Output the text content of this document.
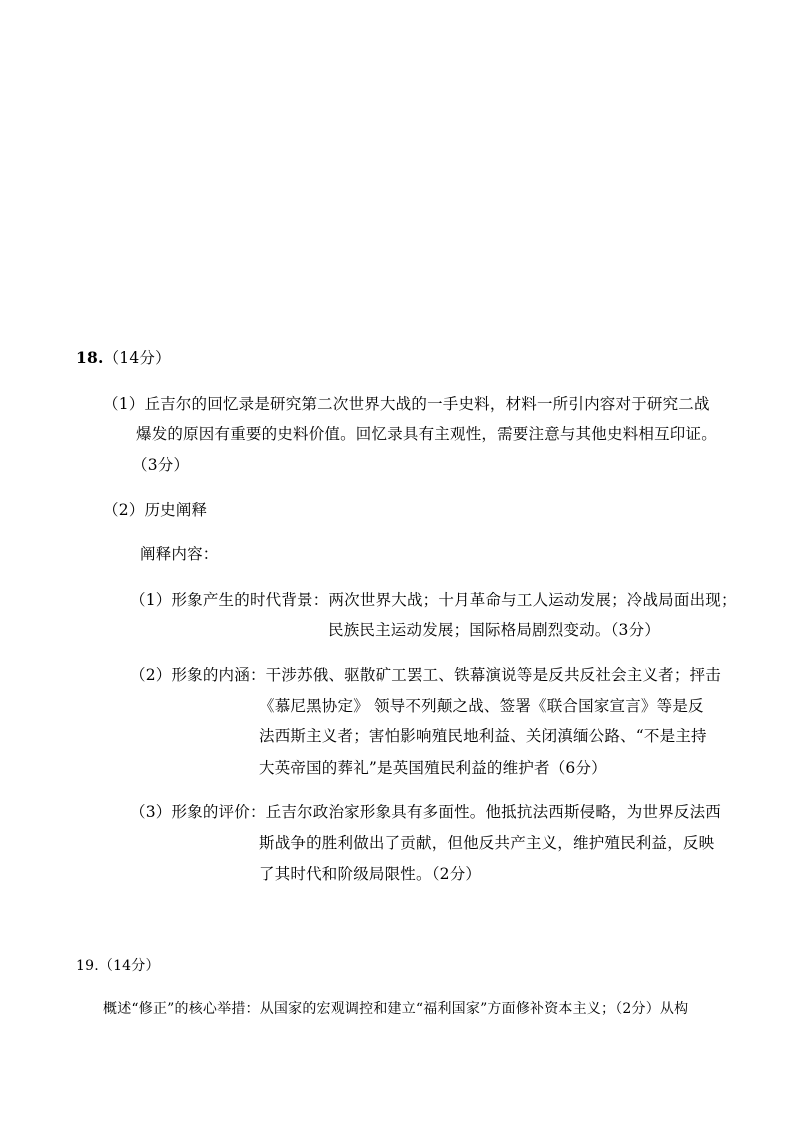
18.（14分）
（1）丘吉尔的回忆录是研究第二次世界大战的一手史料，材料一所引内容对于研究二战
爆发的原因有重要的史料价值。回忆录具有主观性，需要注意与其他史料相互印证。
（3分）
（2）历史阐释
阐释内容：
（1）形象产生的时代背景：两次世界大战；十月革命与工人运动发展；冷战局面出现；
民族民主运动发展；国际格局剧烈变动。（3分）
（2）形象的内涵：干涉苏俄、驱散矿工罢工、铁幕演说等是反共反社会主义者；抨击
《慕尼黑协定》 领导不列颠之战、签署《联合国家宣言》等是反
法西斯主义者；害怕影响殖民地利益、关闭滇缅公路、“不是主持
大英帝国的葬礼”是英国殖民利益的维护者（6分）
（3）形象的评价：丘吉尔政治家形象具有多面性。他抵抗法西斯侵略，为世界反法西
斯战争的胜利做出了贡献，但他反共产主义，维护殖民利益，反映
了其时代和阶级局限性。（2分）
19.（14分）
概述“修正”的核心举措：从国家的宏观调控和建立“福利国家”方面修补资本主义；（2分）从构
